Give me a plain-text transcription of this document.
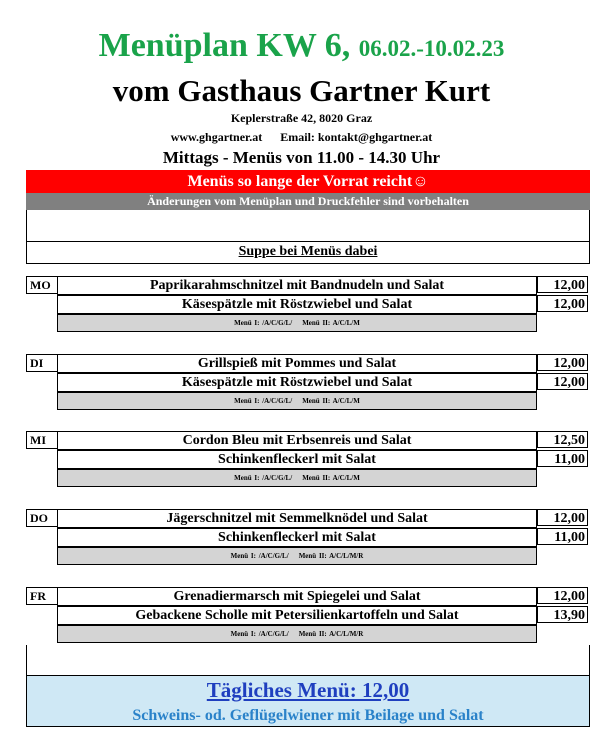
Menüplan KW 6, 06.02.-10.02.23
vom Gasthaus Gartner Kurt
Keplerstraße 42, 8020 Graz
www.ghgartner.at Email: kontakt@ghgartner.at
Mittags - Menüs von 11.00 - 14.30 Uhr
Menüs so lange der Vorrat reicht☺
Änderungen vom Menüplan und Druckfehler sind vorbehalten
Suppe bei Menüs dabei
MO	Paprikarahmschnitzel mit Bandnudeln und Salat	12,00
Käsespätzle mit Röstzwiebel und Salat	12,00
Menü I: /A/C/G/L/ Menü II: A/C/L/M
DI	Grillspieß mit Pommes und Salat	12,00
Käsespätzle mit Röstzwiebel und Salat	12,00
Menü I: /A/C/G/L/ Menü II: A/C/L/M
MI	Cordon Bleu mit Erbsenreis und Salat	12,50
Schinkenfleckerl mit Salat	11,00
Menü I: /A/C/G/L/ Menü II: A/C/L/M
DO	Jägerschnitzel mit Semmelknödel und Salat	12,00
Schinkenfleckerl mit Salat	11,00
Menü I: /A/C/G/L/ Menü II: A/C/L/M/R
FR	Grenadiermarsch mit Spiegelei und Salat	12,00
Gebackene Scholle mit Petersilienkartoffeln und Salat	13,90
Menü I: /A/C/G/L/ Menü II: A/C/L/M/R
Tägliches Menü: 12,00
Schweins- od. Geflügelwiener mit Beilage und Salat
